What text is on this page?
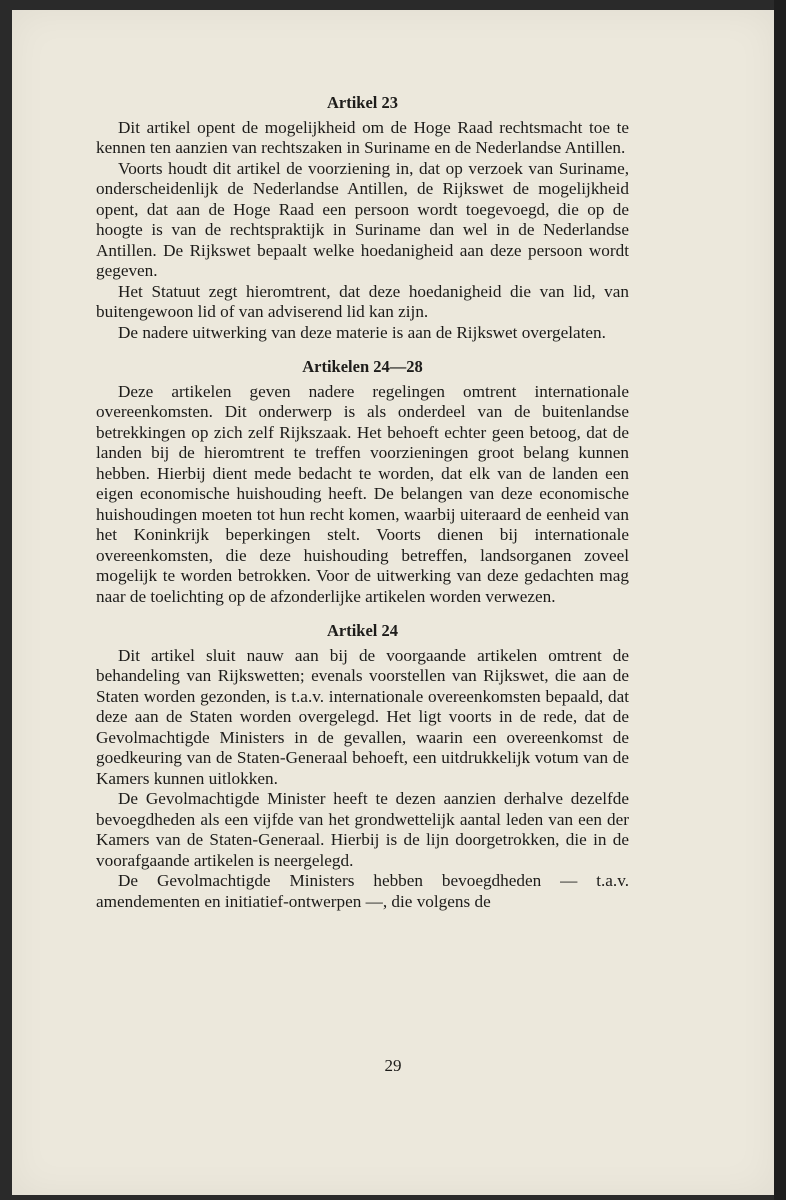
Artikel 23

Dit artikel opent de mogelijkheid om de Hoge Raad rechtsmacht toe te kennen ten aanzien van rechtszaken in Suriname en de Nederlandse Antillen.

Voorts houdt dit artikel de voorziening in, dat op verzoek van Suriname, onderscheidenlijk de Nederlandse Antillen, de Rijkswet de mogelijkheid opent, dat aan de Hoge Raad een persoon wordt toegevoegd, die op de hoogte is van de rechtspraktijk in Suriname dan wel in de Nederlandse Antillen. De Rijkswet bepaalt welke hoedanigheid aan deze persoon wordt gegeven.

Het Statuut zegt hieromtrent, dat deze hoedanigheid die van lid, van buitengewoon lid of van adviserend lid kan zijn.

De nadere uitwerking van deze materie is aan de Rijkswet overgelaten.

Artikelen 24—28

Deze artikelen geven nadere regelingen omtrent internationale overeenkomsten. Dit onderwerp is als onderdeel van de buitenlandse betrekkingen op zich zelf Rijkszaak. Het behoeft echter geen betoog, dat de landen bij de hieromtrent te treffen voorzieningen groot belang kunnen hebben. Hierbij dient mede bedacht te worden, dat elk van de landen een eigen economische huishouding heeft. De belangen van deze economische huishoudingen moeten tot hun recht komen, waarbij uiteraard de eenheid van het Koninkrijk beperkingen stelt. Voorts dienen bij internationale overeenkomsten, die deze huishouding betreffen, landsorganen zoveel mogelijk te worden betrokken. Voor de uitwerking van deze gedachten mag naar de toelichting op de afzonderlijke artikelen worden verwezen.

Artikel 24

Dit artikel sluit nauw aan bij de voorgaande artikelen omtrent de behandeling van Rijkswetten; evenals voorstellen van Rijkswet, die aan de Staten worden gezonden, is t.a.v. internationale overeenkomsten bepaald, dat deze aan de Staten worden overgelegd. Het ligt voorts in de rede, dat de Gevolmachtigde Ministers in de gevallen, waarin een overeenkomst de goedkeuring van de Staten-Generaal behoeft, een uitdrukkelijk votum van de Kamers kunnen uitlokken.

De Gevolmachtigde Minister heeft te dezen aanzien derhalve dezelfde bevoegdheden als een vijfde van het grondwettelijk aantal leden van een der Kamers van de Staten-Generaal. Hierbij is de lijn doorgetrokken, die in de voorafgaande artikelen is neergelegd.

De Gevolmachtigde Ministers hebben bevoegdheden — t.a.v. amendementen en initiatief-ontwerpen —, die volgens de

29
